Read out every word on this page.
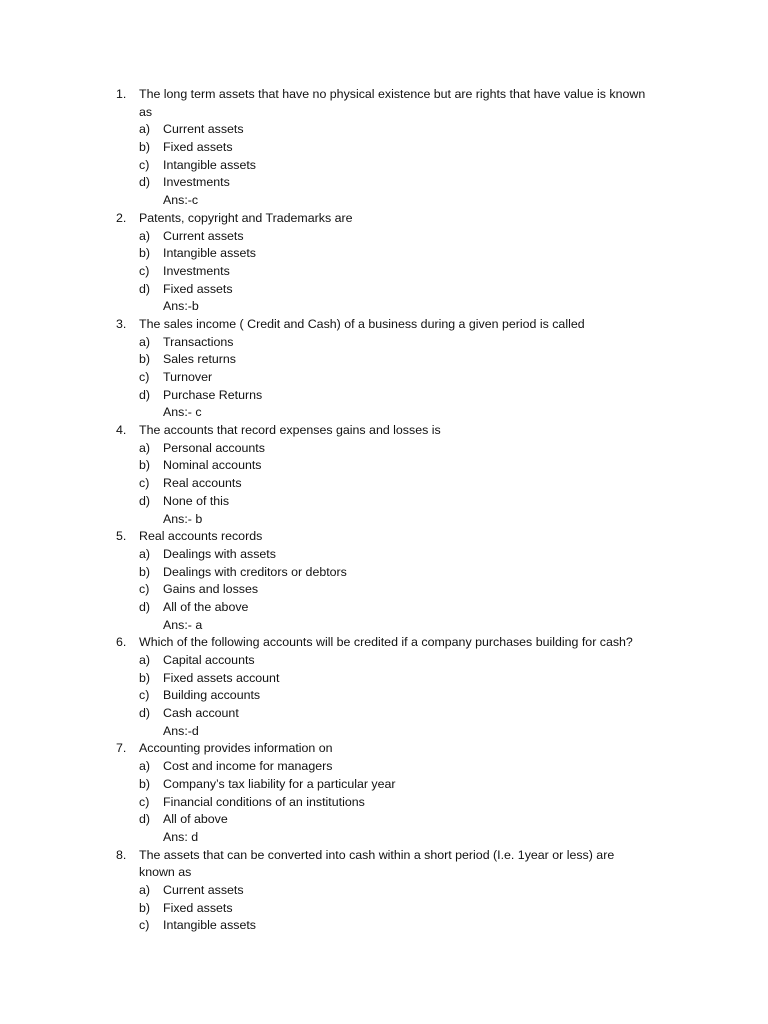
1. The long term assets that have no physical existence but are rights that have value is known
as
a) Current assets
b) Fixed assets
c) Intangible assets
d) Investments
Ans:-c
2. Patents, copyright and Trademarks are
a) Current assets
b) Intangible assets
c) Investments
d) Fixed assets
Ans:-b
3. The sales income ( Credit and Cash) of a business during a given period is called
a) Transactions
b) Sales returns
c) Turnover
d) Purchase Returns
Ans:- c
4. The accounts that record expenses gains and losses is
a) Personal accounts
b) Nominal accounts
c) Real accounts
d) None of this
Ans:- b
5. Real accounts records
a) Dealings with assets
b) Dealings with creditors or debtors
c) Gains and losses
d) All of the above
Ans:- a
6. Which of the following accounts will be credited if a company purchases building for cash?
a) Capital accounts
b) Fixed assets account
c) Building accounts
d) Cash account
Ans:-d
7. Accounting provides information on
a) Cost and income for managers
b) Company’s tax liability for a particular year
c) Financial conditions of an institutions
d) All of above
Ans: d
8. The assets that can be converted into cash within a short period (I.e. 1year or less) are
known as
a) Current assets
b) Fixed assets
c) Intangible assets
